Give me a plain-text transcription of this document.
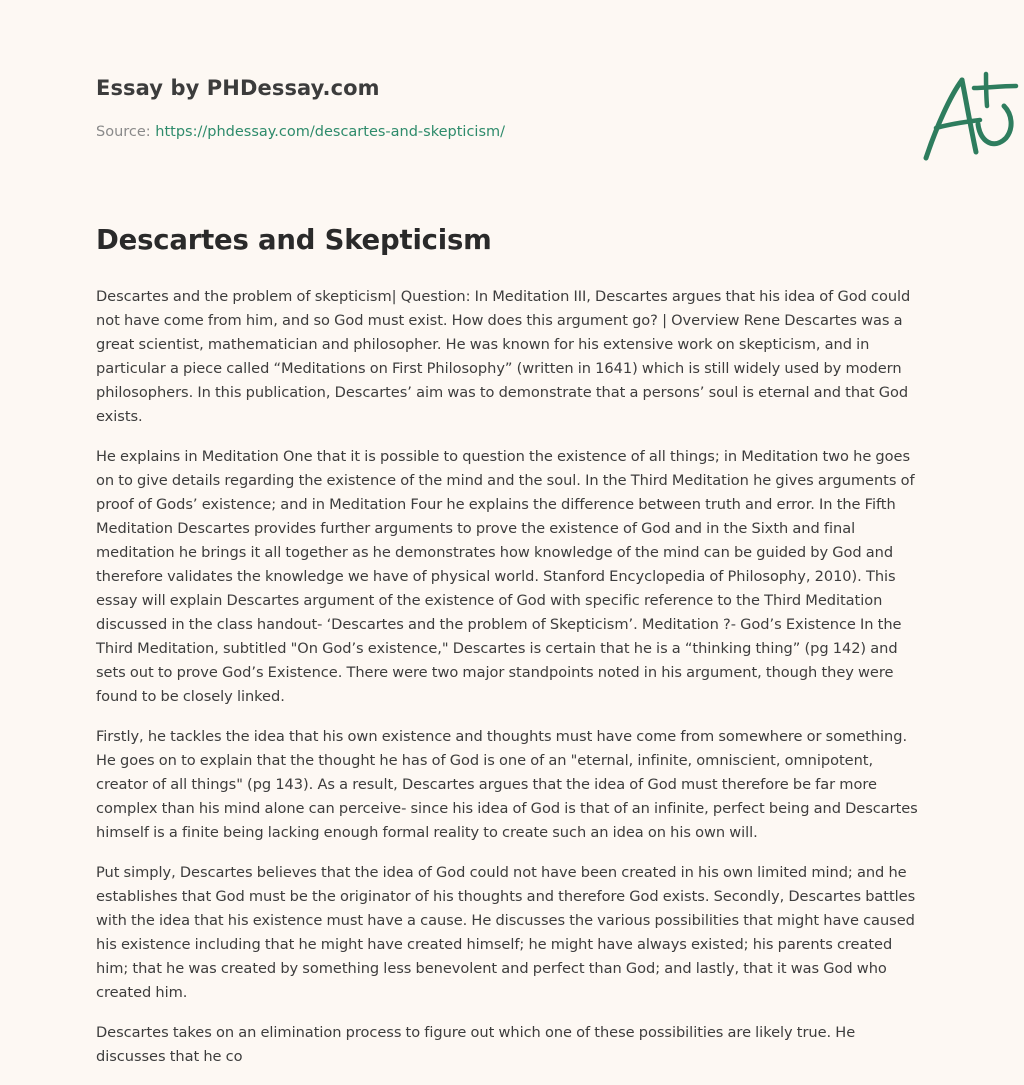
Essay by PHDessay.com
Source: https://phdessay.com/descartes-and-skepticism/
Descartes and Skepticism

Descartes and the problem of skepticism| Question: In Meditation III, Descartes argues that his idea of God could not have come from him, and so God must exist. How does this argument go? | Overview Rene Descartes was a great scientist, mathematician and philosopher. He was known for his extensive work on skepticism, and in particular a piece called “Meditations on First Philosophy” (written in 1641) which is still widely used by modern philosophers. In this publication, Descartes’ aim was to demonstrate that a persons’ soul is eternal and that God exists.

He explains in Meditation One that it is possible to question the existence of all things; in Meditation two he goes on to give details regarding the existence of the mind and the soul. In the Third Meditation he gives arguments of proof of Gods’ existence; and in Meditation Four he explains the difference between truth and error. In the Fifth Meditation Descartes provides further arguments to prove the existence of God and in the Sixth and final meditation he brings it all together as he demonstrates how knowledge of the mind can be guided by God and therefore validates the knowledge we have of physical world. Stanford Encyclopedia of Philosophy, 2010). This essay will explain Descartes argument of the existence of God with specific reference to the Third Meditation discussed in the class handout- ‘Descartes and the problem of Skepticism’. Meditation ?- God’s Existence In the Third Meditation, subtitled "On God’s existence," Descartes is certain that he is a “thinking thing” (pg 142) and sets out to prove God’s Existence. There were two major standpoints noted in his argument, though they were found to be closely linked.

Firstly, he tackles the idea that his own existence and thoughts must have come from somewhere or something. He goes on to explain that the thought he has of God is one of an "eternal, infinite, omniscient, omnipotent, creator of all things" (pg 143). As a result, Descartes argues that the idea of God must therefore be far more complex than his mind alone can perceive- since his idea of God is that of an infinite, perfect being and Descartes himself is a finite being lacking enough formal reality to create such an idea on his own will.

Put simply, Descartes believes that the idea of God could not have been created in his own limited mind; and he establishes that God must be the originator of his thoughts and therefore God exists. Secondly, Descartes battles with the idea that his existence must have a cause. He discusses the various possibilities that might have caused his existence including that he might have created himself; he might have always existed; his parents created him; that he was created by something less benevolent and perfect than God; and lastly, that it was God who created him.

Descartes takes on an elimination process to figure out which one of these possibilities are likely true. He discusses that he co
